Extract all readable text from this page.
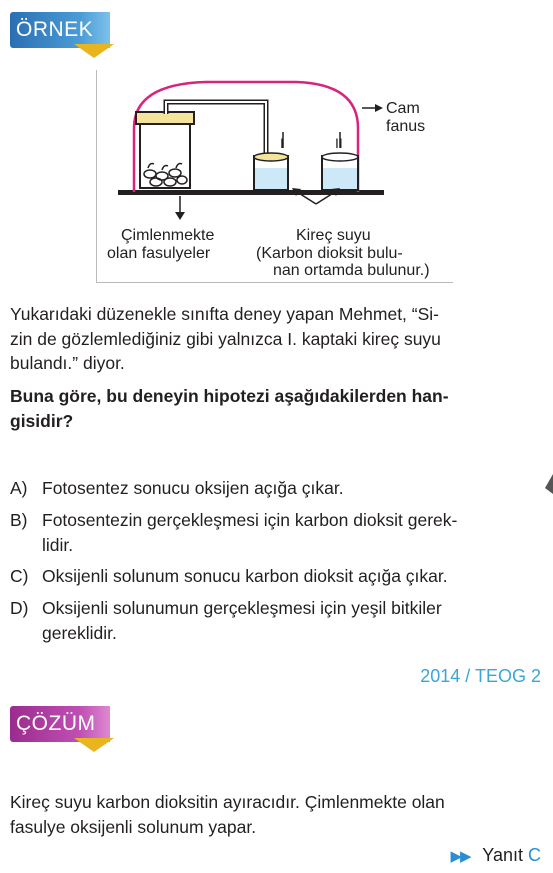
ÖRNEK
Cam
fanus
I	II
Çimlenmekte
olan fasulyeler
Kireç suyu
(Karbon dioksit bulu-
nan ortamda bulunur.)
Yukarıdaki düzenekle sınıfta deney yapan Mehmet, “Si-
zin de gözlemlediğiniz gibi yalnızca I. kaptaki kireç suyu
bulandı.” diyor.
Buna göre, bu deneyin hipotezi aşağıdakilerden han-
gisidir?
A) Fotosentez sonucu oksijen açığa çıkar.
B) Fotosentezin gerçekleşmesi için karbon dioksit gerek-
lidir.
C) Oksijenli solunum sonucu karbon dioksit açığa çıkar.
D) Oksijenli solunumun gerçekleşmesi için yeşil bitkiler
gereklidir.
2014 / TEOG 2
ÇÖZÜM
Kireç suyu karbon dioksitin ayıracıdır. Çimlenmekte olan
fasulye oksijenli solunum yapar.
▶▶ Yanıt C
